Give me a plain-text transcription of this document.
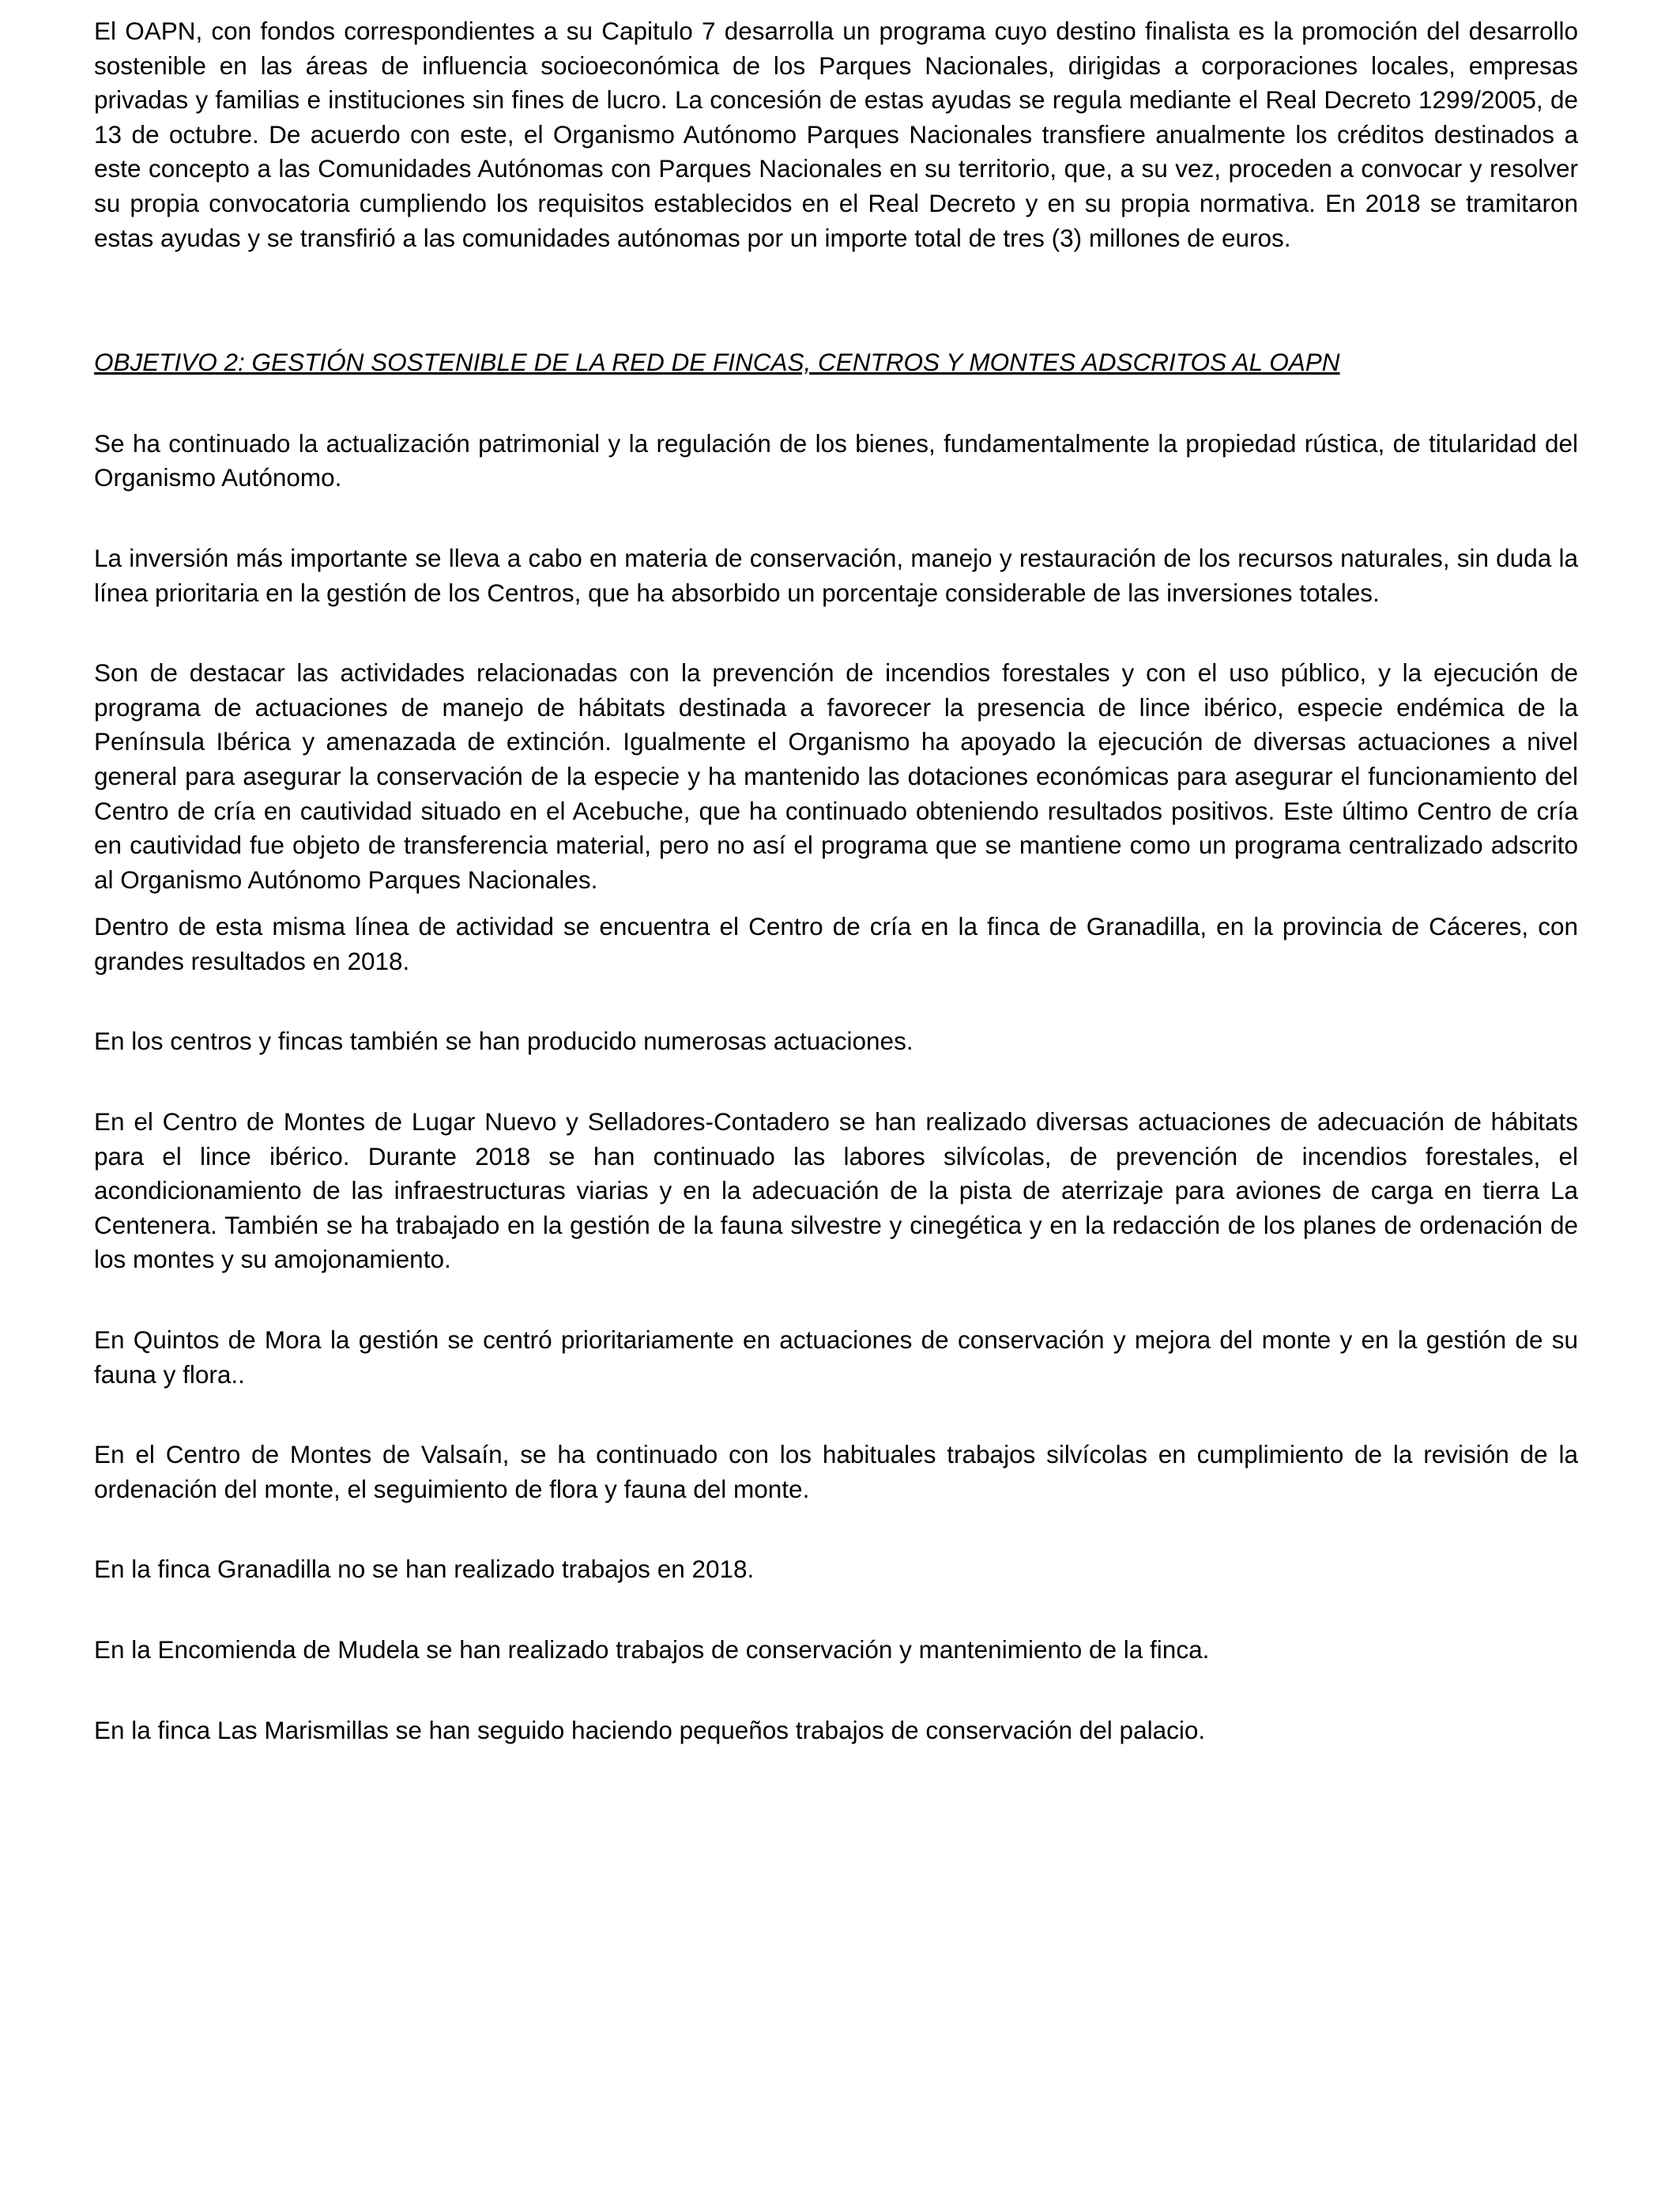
El OAPN, con fondos correspondientes a su Capitulo 7 desarrolla un programa cuyo destino finalista es la promoción del desarrollo sostenible en las áreas de influencia socioeconómica de los Parques Nacionales, dirigidas a corporaciones locales, empresas privadas y familias e instituciones sin fines de lucro. La concesión de estas ayudas se regula mediante el Real Decreto 1299/2005, de 13 de octubre. De acuerdo con este, el Organismo Autónomo Parques Nacionales transfiere anualmente los créditos destinados a este concepto a las Comunidades Autónomas con Parques Nacionales en su territorio, que, a su vez, proceden a convocar y resolver su propia convocatoria cumpliendo los requisitos establecidos en el Real Decreto y en su propia normativa. En 2018 se tramitaron estas ayudas y se transfirió a las comunidades autónomas por un importe total de tres (3) millones de euros.

OBJETIVO 2: GESTIÓN SOSTENIBLE DE LA RED DE FINCAS, CENTROS Y MONTES ADSCRITOS AL OAPN

Se ha continuado la actualización patrimonial y la regulación de los bienes, fundamentalmente la propiedad rústica, de titularidad del Organismo Autónomo.

La inversión más importante se lleva a cabo en materia de conservación, manejo y restauración de los recursos naturales, sin duda la línea prioritaria en la gestión de los Centros, que ha absorbido un porcentaje considerable de las inversiones totales.

Son de destacar las actividades relacionadas con la prevención de incendios forestales y con el uso público, y la ejecución de programa de actuaciones de manejo de hábitats destinada a favorecer la presencia de lince ibérico, especie endémica de la Península Ibérica y amenazada de extinción. Igualmente el Organismo ha apoyado la ejecución de diversas actuaciones a nivel general para asegurar la conservación de la especie y ha mantenido las dotaciones económicas para asegurar el funcionamiento del Centro de cría en cautividad situado en el Acebuche, que ha continuado obteniendo resultados positivos. Este último Centro de cría en cautividad fue objeto de transferencia material, pero no así el programa que se mantiene como un programa centralizado adscrito al Organismo Autónomo Parques Nacionales.

Dentro de esta misma línea de actividad se encuentra el Centro de cría en la finca de Granadilla, en la provincia de Cáceres, con grandes resultados en 2018.

En los centros y fincas también se han producido numerosas actuaciones.

En el Centro de Montes de Lugar Nuevo y Selladores-Contadero se han realizado diversas actuaciones de adecuación de hábitats para el lince ibérico. Durante 2018 se han continuado las labores silvícolas, de prevención de incendios forestales, el acondicionamiento de las infraestructuras viarias y en la adecuación de la pista de aterrizaje para aviones de carga en tierra La Centenera. También se ha trabajado en la gestión de la fauna silvestre y cinegética y en la redacción de los planes de ordenación de los montes y su amojonamiento.

En Quintos de Mora la gestión se centró prioritariamente en actuaciones de conservación y mejora del monte y en la gestión de su fauna y flora..

En el Centro de Montes de Valsaín, se ha continuado con los habituales trabajos silvícolas en cumplimiento de la revisión de la ordenación del monte, el seguimiento de flora y fauna del monte.

En la finca Granadilla no se han realizado trabajos en 2018.

En la Encomienda de Mudela se han realizado trabajos de conservación y mantenimiento de la finca.

En la finca Las Marismillas se han seguido haciendo pequeños trabajos de conservación del palacio.
